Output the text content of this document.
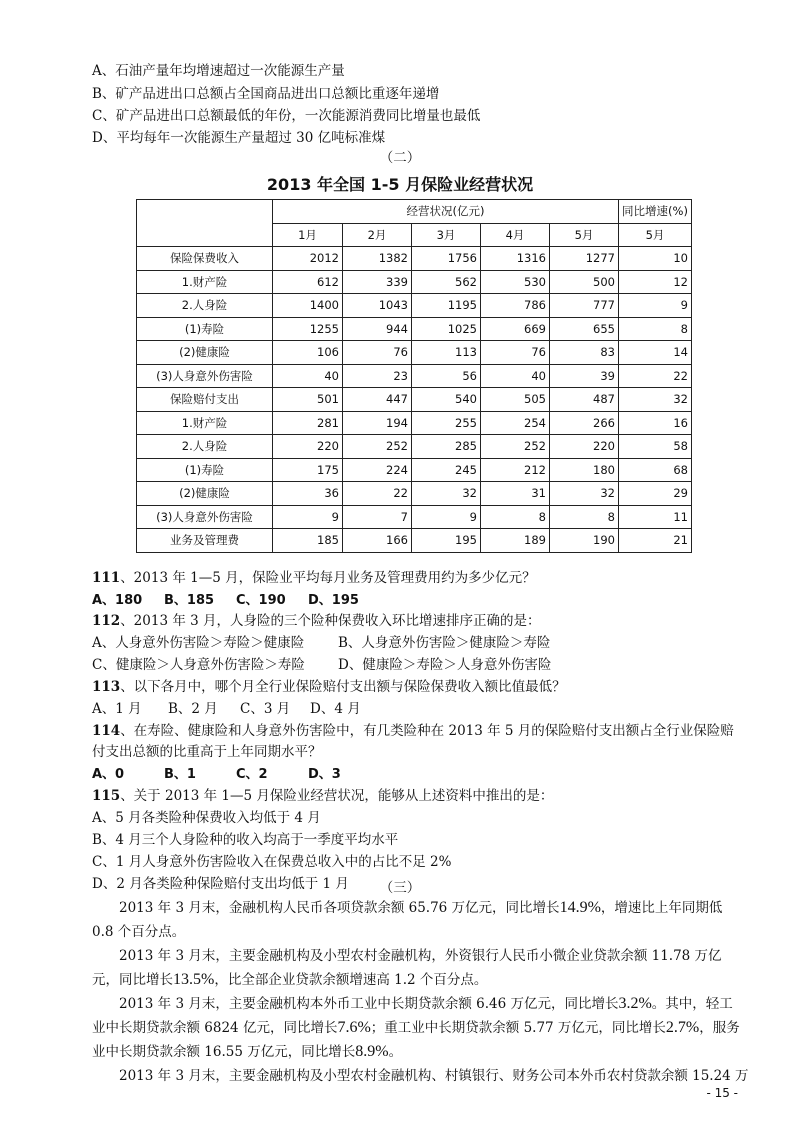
A、石油产量年均增速超过一次能源生产量
B、矿产品进出口总额占全国商品进出口总额比重逐年递增
C、矿产品进出口总额最低的年份，一次能源消费同比增量也最低
D、平均每年一次能源生产量超过 30 亿吨标准煤
（二）
2013 年全国 1-5 月保险业经营状况
	经营状况(亿元)					同比增速(%)
	1月	2月	3月	4月	5月	5月
保险保费收入	2012	1382	1756	1316	1277	10
1.财产险	612	339	562	530	500	12
2.人身险	1400	1043	1195	786	777	9
(1)寿险	1255	944	1025	669	655	8
(2)健康险	106	76	113	76	83	14
(3)人身意外伤害险	40	23	56	40	39	22
保险赔付支出	501	447	540	505	487	32
1.财产险	281	194	255	254	266	16
2.人身险	220	252	285	252	220	58
(1)寿险	175	224	245	212	180	68
(2)健康险	36	22	32	31	32	29
(3)人身意外伤害险	9	7	9	8	8	11
业务及管理费	185	166	195	189	190	21
111、2013 年 1—5 月，保险业平均每月业务及管理费用约为多少亿元？
A、180 B、185 C、190 D、195
112、2013 年 3 月，人身险的三个险种保费收入环比增速排序正确的是：
A、人身意外伤害险＞寿险＞健康险	B、人身意外伤害险＞健康险＞寿险
C、健康险＞人身意外伤害险＞寿险 D、健康险＞寿险＞人身意外伤害险
113、以下各月中，哪个月全行业保险赔付支出额与保险保费收入额比值最低？
A、1 月 B、2 月 C、3 月 D、4 月
114、在寿险、健康险和人身意外伤害险中，有几类险种在 2013 年 5 月的保险赔付支出额占全行业保险赔
付支出总额的比重高于上年同期水平？
A、0	B、1	C、2	D、3
115、关于 2013 年 1—5 月保险业经营状况，能够从上述资料中推出的是：
A、5 月各类险种保费收入均低于 4 月
B、4 月三个人身险种的收入均高于一季度平均水平
C、1 月人身意外伤害险收入在保费总收入中的占比不足 2%
D、2 月各类险种保险赔付支出均低于 1 月	（三）
2013 年 3 月末，金融机构人民币各项贷款余额 65.76 万亿元，同比增长14.9%，增速比上年同期低 0.8 个百分点。
2013 年 3 月末，主要金融机构及小型农村金融机构，外资银行人民币小微企业贷款余额 11.78 万亿元，同比增长13.5%，比全部企业贷款余额增速高 1.2 个百分点。
2013 年 3 月末，主要金融机构本外币工业中长期贷款余额 6.46 万亿元，同比增长3.2%。其中，轻工业中长期贷款余额 6824 亿元，同比增长7.6%；重工业中长期贷款余额 5.77 万亿元，同比增长2.7%，服务业中长期贷款余额 16.55 万亿元，同比增长8.9%。
2013 年 3 月末，主要金融机构及小型农村金融机构、村镇银行、财务公司本外币农村贷款余额 15.24 万
- 15 -
